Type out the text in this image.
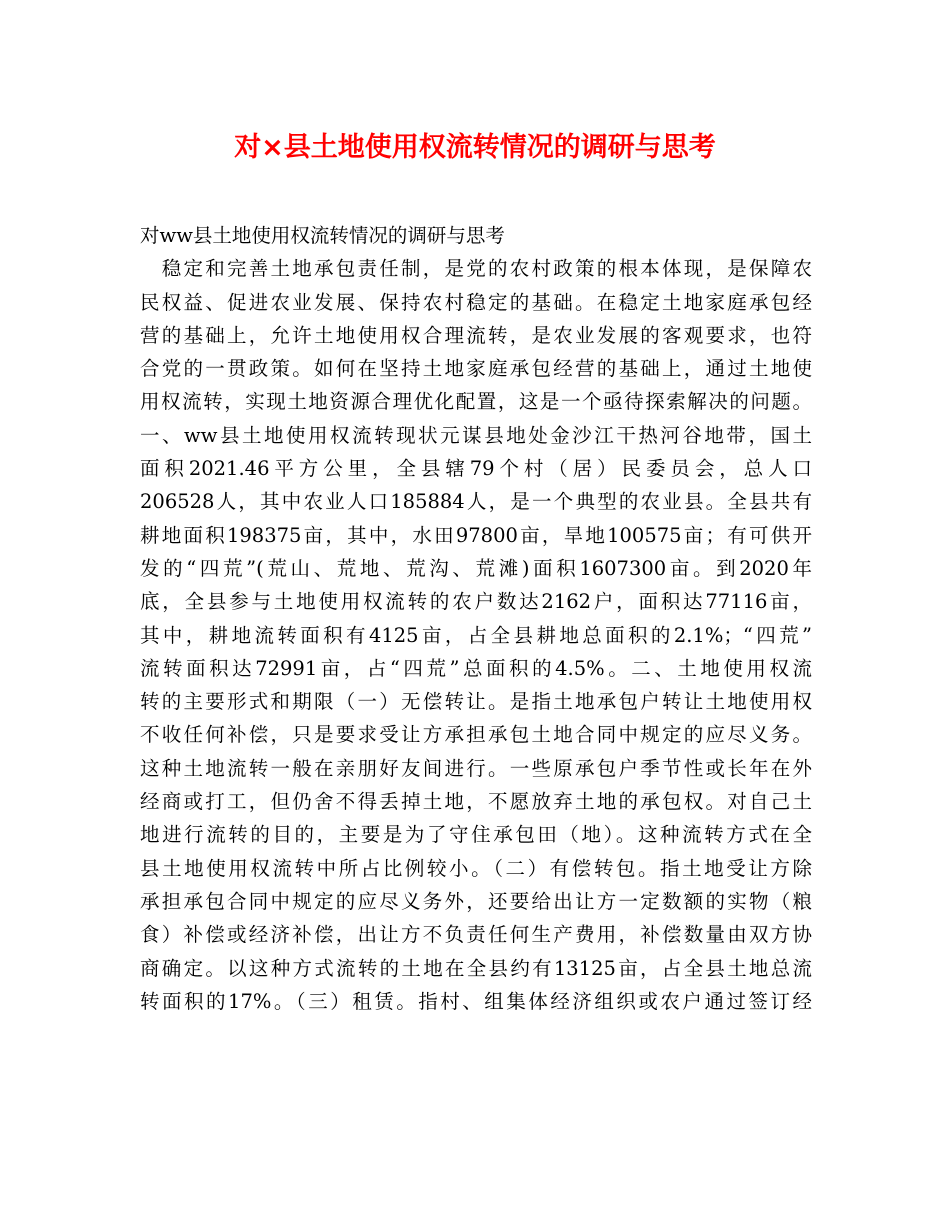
对×县土地使用权流转情况的调研与思考
对ww县土地使用权流转情况的调研与思考
　稳定和完善土地承包责任制，是党的农村政策的根本体现，是保障农
民权益、促进农业发展、保持农村稳定的基础。在稳定土地家庭承包经
营的基础上，允许土地使用权合理流转，是农业发展的客观要求，也符
合党的一贯政策。如何在坚持土地家庭承包经营的基础上，通过土地使
用权流转，实现土地资源合理优化配置，这是一个亟待探索解决的问题。
一、ww县土地使用权流转现状元谋县地处金沙江干热河谷地带，国土
面积2021.46平方公里，全县辖79个村（居）民委员会，总人口
206528人，其中农业人口185884人，是一个典型的农业县。全县共有
耕地面积198375亩，其中，水田97800亩，旱地100575亩；有可供开
发的“四荒”(荒山、荒地、荒沟、荒滩)面积1607300亩。到2020年
底，全县参与土地使用权流转的农户数达2162户，面积达77116亩，
其中，耕地流转面积有4125亩，占全县耕地总面积的2.1%；“四荒”
流转面积达72991亩，占“四荒”总面积的4.5%。二、土地使用权流
转的主要形式和期限（一）无偿转让。是指土地承包户转让土地使用权
不收任何补偿，只是要求受让方承担承包土地合同中规定的应尽义务。
这种土地流转一般在亲朋好友间进行。一些原承包户季节性或长年在外
经商或打工，但仍舍不得丢掉土地，不愿放弃土地的承包权。对自己土
地进行流转的目的，主要是为了守住承包田（地）。这种流转方式在全
县土地使用权流转中所占比例较小。（二）有偿转包。指土地受让方除
承担承包合同中规定的应尽义务外，还要给出让方一定数额的实物（粮
食）补偿或经济补偿，出让方不负责任何生产费用，补偿数量由双方协
商确定。以这种方式流转的土地在全县约有13125亩，占全县土地总流
转面积的17%。（三）租赁。指村、组集体经济组织或农户通过签订经
